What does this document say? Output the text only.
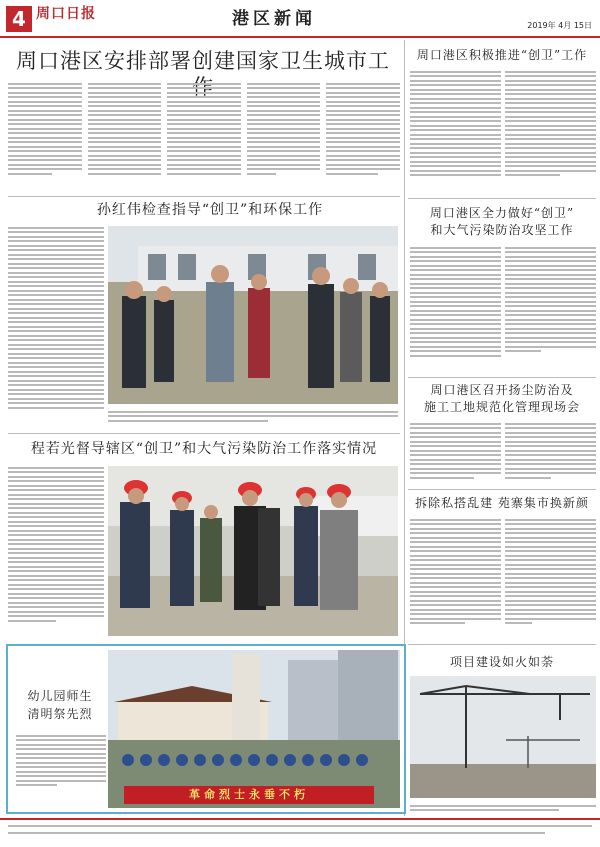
4 周口日报	港区新闻	2019年 4月 15日
周口港区安排部署创建国家卫生城市工
孙红伟检查指导“创卫”和环保工作
程若光督导辖区“创卫”和大气污染防治工作落实情况
幼儿园师生
清明祭先烈
革命烈士永垂不朽
周口港区积极推进“创卫”工作
周口港区全力做好“创卫”
和大气污染防治攻坚工作
周口港区召开扬尘防治及
施工工地规范化管理现场会
拆除私搭乱建 苑寨集市换新颜
项目建设如火如荼
